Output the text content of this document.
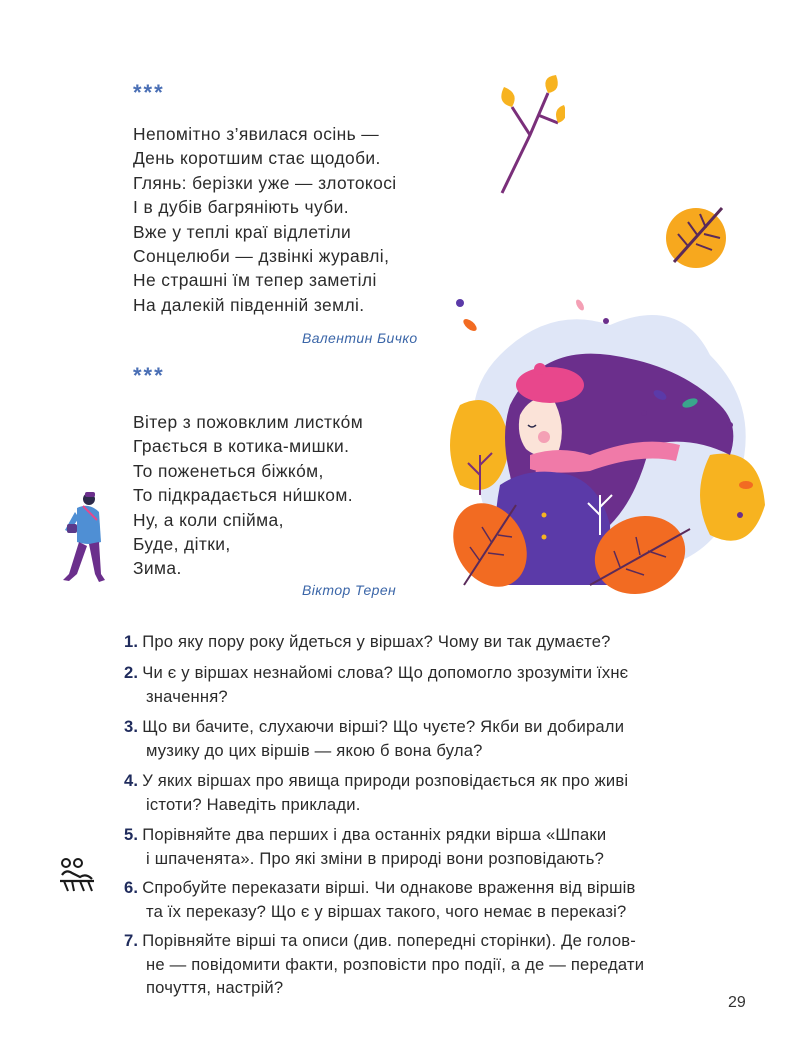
***
Непомітно з’явилася осінь —
День коротшим стає щодоби.
Глянь: берізки уже — злотокосі
І в дубів багряніють чуби.
Вже у теплі краї відлетіли
Сонцелюби — дзвінкі журавлі,
Не страшні їм тепер заметілі
На далекій південній землі.
Валентин Бичко
***
Вітер з пожовклим листко́м
Грається в котика-мишки.
То поженеться біжко́м,
То підкрадається ни́шком.
Ну, а коли спійма,
Буде, дітки,
Зима.
Віктор Терен
1. Про яку пору року йдеться у віршах? Чому ви так думаєте?
2. Чи є у віршах незнайомі слова? Що допомогло зрозуміти їхнє
значення?
3. Що ви бачите, слухаючи вірші? Що чуєте? Якби ви добирали
музику до цих віршів — якою б вона була?
4. У яких віршах про явища природи розповідається як про живі
істоти? Наведіть приклади.
5. Порівняйте два перших і два останніх рядки вірша «Шпаки
і шпаченята». Про які зміни в природі вони розповідають?
6. Спробуйте переказати вірші. Чи однакове враження від віршів
та їх переказу? Що є у віршах такого, чого немає в переказі?
7. Порівняйте вірші та описи (див. попередні сторінки). Де голов-
не — повідомити факти, розповісти про події, а де — передати
почуття, настрій?
29
